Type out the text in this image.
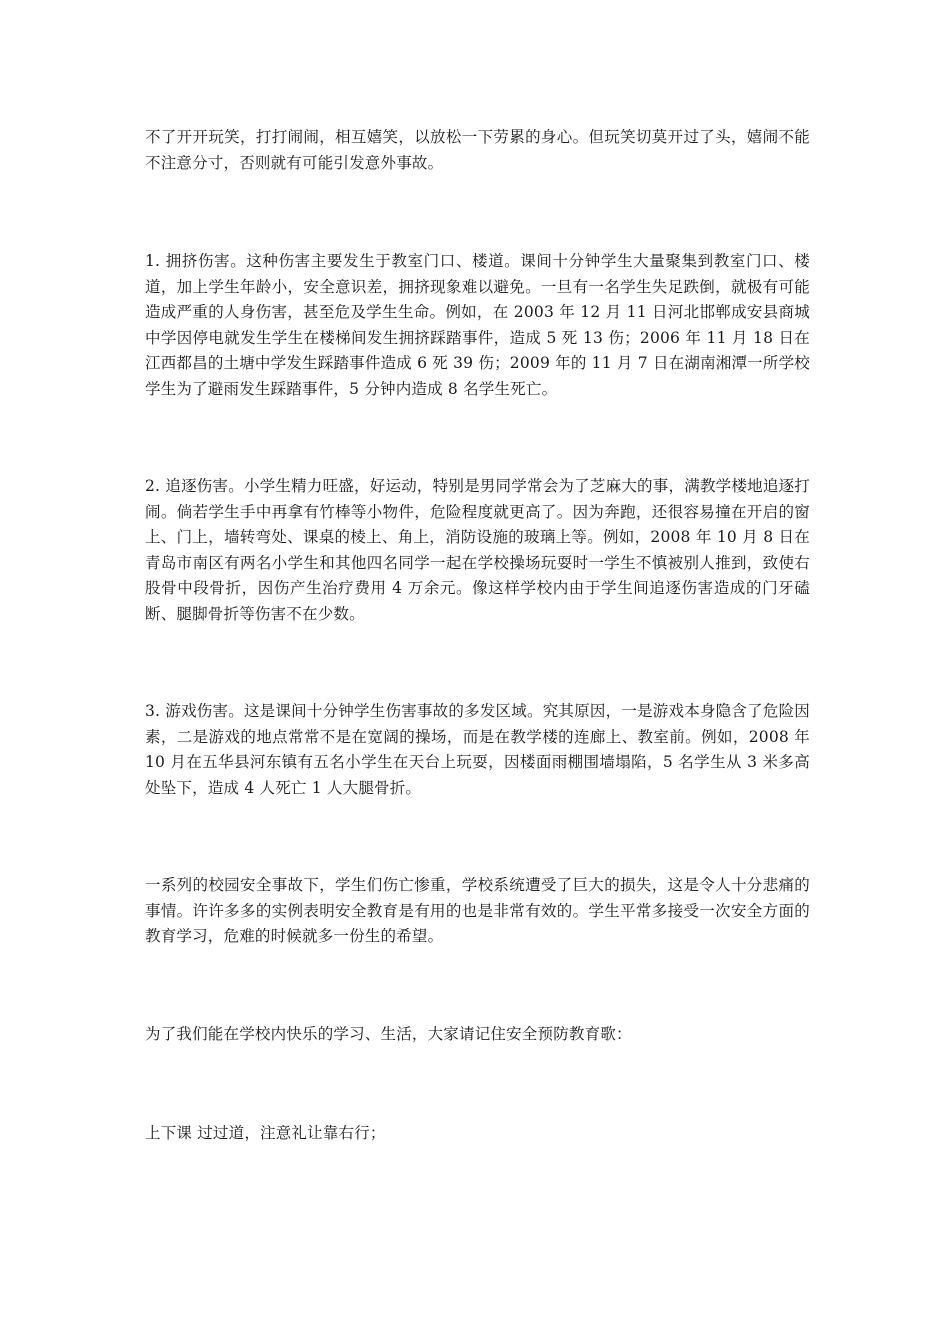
不了开开玩笑，打打闹闹，相互嬉笑，以放松一下劳累的身心。但玩笑切莫开过了头，嬉闹不能不注意分寸，否则就有可能引发意外事故。

1. 拥挤伤害。这种伤害主要发生于教室门口、楼道。课间十分钟学生大量聚集到教室门口、楼道，加上学生年龄小，安全意识差，拥挤现象难以避免。一旦有一名学生失足跌倒，就极有可能造成严重的人身伤害，甚至危及学生生命。例如，在 2003 年 12 月 11 日河北邯郸成安县商城中学因停电就发生学生在楼梯间发生拥挤踩踏事件，造成 5 死 13 伤；2006 年 11 月 18 日在江西都昌的土塘中学发生踩踏事件造成 6 死 39 伤；2009 年的 11 月 7 日在湖南湘潭一所学校学生为了避雨发生踩踏事件，5 分钟内造成 8 名学生死亡。

2. 追逐伤害。小学生精力旺盛，好运动，特别是男同学常会为了芝麻大的事，满教学楼地追逐打闹。倘若学生手中再拿有竹棒等小物件，危险程度就更高了。因为奔跑，还很容易撞在开启的窗上、门上，墙转弯处、课桌的棱上、角上，消防设施的玻璃上等。例如，2008 年 10 月 8 日在青岛市南区有两名小学生和其他四名同学一起在学校操场玩耍时一学生不慎被别人推到，致使右股骨中段骨折，因伤产生治疗费用 4 万余元。像这样学校内由于学生间追逐伤害造成的门牙磕断、腿脚骨折等伤害不在少数。

3. 游戏伤害。这是课间十分钟学生伤害事故的多发区域。究其原因，一是游戏本身隐含了危险因素，二是游戏的地点常常不是在宽阔的操场，而是在教学楼的连廊上、教室前。例如，2008 年 10 月在五华县河东镇有五名小学生在天台上玩耍，因楼面雨棚围墙塌陷，5 名学生从 3 米多高处坠下，造成 4 人死亡 1 人大腿骨折。

一系列的校园安全事故下，学生们伤亡惨重，学校系统遭受了巨大的损失，这是令人十分悲痛的事情。许许多多的实例表明安全教育是有用的也是非常有效的。学生平常多接受一次安全方面的教育学习，危难的时候就多一份生的希望。

为了我们能在学校内快乐的学习、生活，大家请记住安全预防教育歌：

上下课 过过道，注意礼让靠右行；
